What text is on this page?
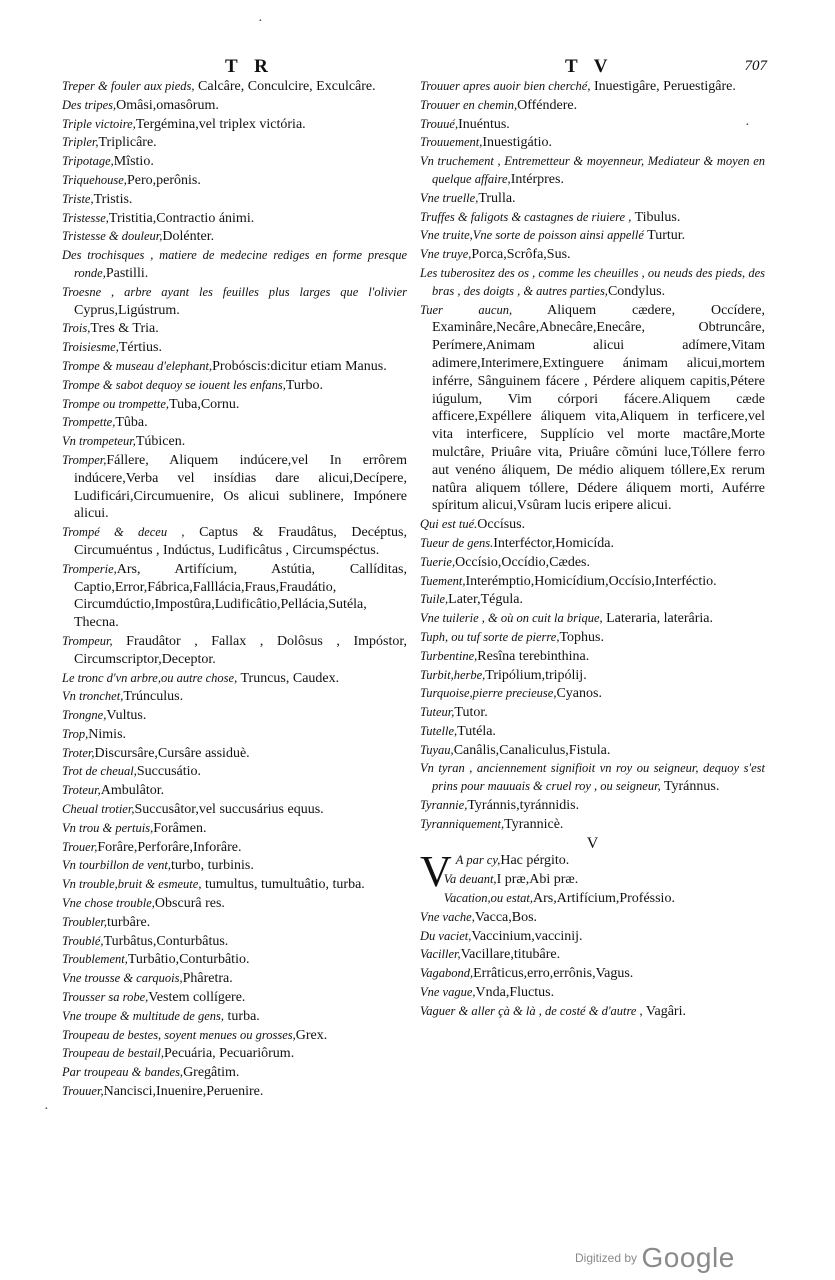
T R	T V	707
·
·
·
Treper & fouler aux pieds, Calcâre, Conculcire, Exculcâre.
Des tripes,Omâsi,omasôrum.
Triple victoire,Tergémina,vel triplex victória.
Tripler,Triplicâre.
Tripotage,Mîstio.
Triquehouse,Pero,perônis.
Triste,Tristis.
Tristesse,Tristitia,Contractio ánimi.
Tristesse & douleur,Dolénter.
Des trochisques , matiere de medecine rediges en forme presque ronde,Pastilli.
Troesne , arbre ayant les feuilles plus larges que l'olivier Cyprus,Ligústrum.
Trois,Tres & Tria.
Troisiesme,Tértius.
Trompe & museau d'elephant,Probóscis:dicitur etiam Manus.
Trompe & sabot dequoy se iouent les enfans,Turbo.
Trompe ou trompette,Tuba,Cornu.
Trompette,Tûba.
Vn trompeteur,Túbicen.
Tromper,Fállere, Aliquem indúcere,vel In errôrem indúcere,Verba vel insídias dare alicui,Decípere, Ludificári,Circumuenire, Os alicui sublinere, Impónere alicui.
Trompé & deceu , Captus & Fraudâtus, Decéptus, Circumuéntus , Indúctus, Ludificâtus , Circumspéctus.
Tromperie,Ars, Artifícium, Astútia, Callíditas, Captio,Error,Fábrica,Falllácia,Fraus,Fraudátio, Circumdúctio,Impostûra,Ludificâtio,Pellácia,Sutéla, Thecna.
Trompeur, Fraudâtor , Fallax , Dolôsus , Impóstor, Circumscriptor,Deceptor.
Le tronc d'vn arbre,ou autre chose, Truncus, Caudex.
Vn tronchet,Trúnculus.
Trongne,Vultus.
Trop,Nimis.
Troter,Discursâre,Cursâre assiduè.
Trot de cheual,Succusátio.
Troteur,Ambulâtor.
Cheual trotier,Succusâtor,vel succusárius equus.
Vn trou & pertuis,Forâmen.
Trouer,Forâre,Perforâre,Inforâre.
Vn tourbillon de vent,turbo, turbinis.
Vn trouble,bruit & esmeute, tumultus, tumultuâtio, turba.
Vne chose trouble,Obscurâ res.
Troubler,turbâre.
Troublé,Turbâtus,Conturbâtus.
Troublement,Turbâtio,Conturbâtio.
Vne trousse & carquois,Phâretra.
Trousser sa robe,Vestem collígere.
Vne troupe & multitude de gens, turba.
Troupeau de bestes, soyent menues ou grosses,Grex.
Troupeau de bestail,Pecuária, Pecuariôrum.
Par troupeau & bandes,Gregâtim.
Trouuer,Nancisci,Inuenire,Peruenire.
Trouuer apres auoir bien cherché, Inuestigâre, Peruestigâre.
Trouuer en chemin,Offéndere.
Trouué,Inuéntus.
Trouuement,Inuestigátio.
Vn truchement , Entremetteur & moyenneur, Mediateur & moyen en quelque affaire,Intérpres.
Vne truelle,Trulla.
Truffes & faligots & castagnes de riuiere , Tibulus.
Vne truite,Vne sorte de poisson ainsi appellé Turtur.
Vne truye,Porca,Scrôfa,Sus.
Les tuberositez des os , comme les cheuilles , ou neuds des pieds, des bras , des doigts , & autres parties,Condylus.
Tuer aucun, Aliquem cædere, Occídere, Examinâre,Necâre,Abnecâre,Enecâre, Obtruncâre, Perímere,Animam alicui adímere,Vitam adimere,Interimere,Extinguere ánimam alicui,mortem inférre, Sânguinem fácere , Pérdere aliquem capitis,Pétere iúgulum, Vim córpori fácere.Aliquem cæde afficere,Expéllere áliquem vita,Aliquem in terficere,vel vita interficere, Supplício vel morte mactâre,Morte mulctâre, Priuâre vita, Priuâre cõmúni luce,Tóllere ferro aut venéno áliquem, De médio aliquem tóllere,Ex rerum natûra aliquem tóllere, Dédere áliquem morti, Auférre spíritum alicui,Vsûram lucis eripere alicui.
Qui est tué.Occísus.
Tueur de gens.Interféctor,Homicída.
Tuerie,Occísio,Occídio,Cædes.
Tuement,Interémptio,Homicídium,Occísio,Interféctio.
Tuile,Later,Tégula.
Vne tuilerie , & où on cuit la brique, Lateraria, laterâria.
Tuph, ou tuf sorte de pierre,Tophus.
Turbentine,Resîna terebinthina.
Turbit,herbe,Tripólium,tripólij.
Turquoise,pierre precieuse,Cyanos.
Tuteur,Tutor.
Tutelle,Tutéla.
Tuyau,Canâlis,Canaliculus,Fistula.
Vn tyran , anciennement signifioit vn roy ou seigneur, dequoy s'est prins pour mauuais & cruel roy , ou seigneur, Tyránnus.
Tyrannie,Tyránnis,tyránnidis.
Tyranniquement,Tyrannicè.
V
V A par cy,Hac pérgito.
Va deuant,I præ,Abi præ.
Vacation,ou estat,Ars,Artifícium,Proféssio.
Vne vache,Vacca,Bos.
Du vaciet,Vaccinium,vaccinij.
Vaciller,Vacillare,titubâre.
Vagabond,Errâticus,erro,errônis,Vagus.
Vne vague,Vnda,Fluctus.
Vaguer & aller çà & là , de costé & d'autre , Vagâri.
Digitized by Google
